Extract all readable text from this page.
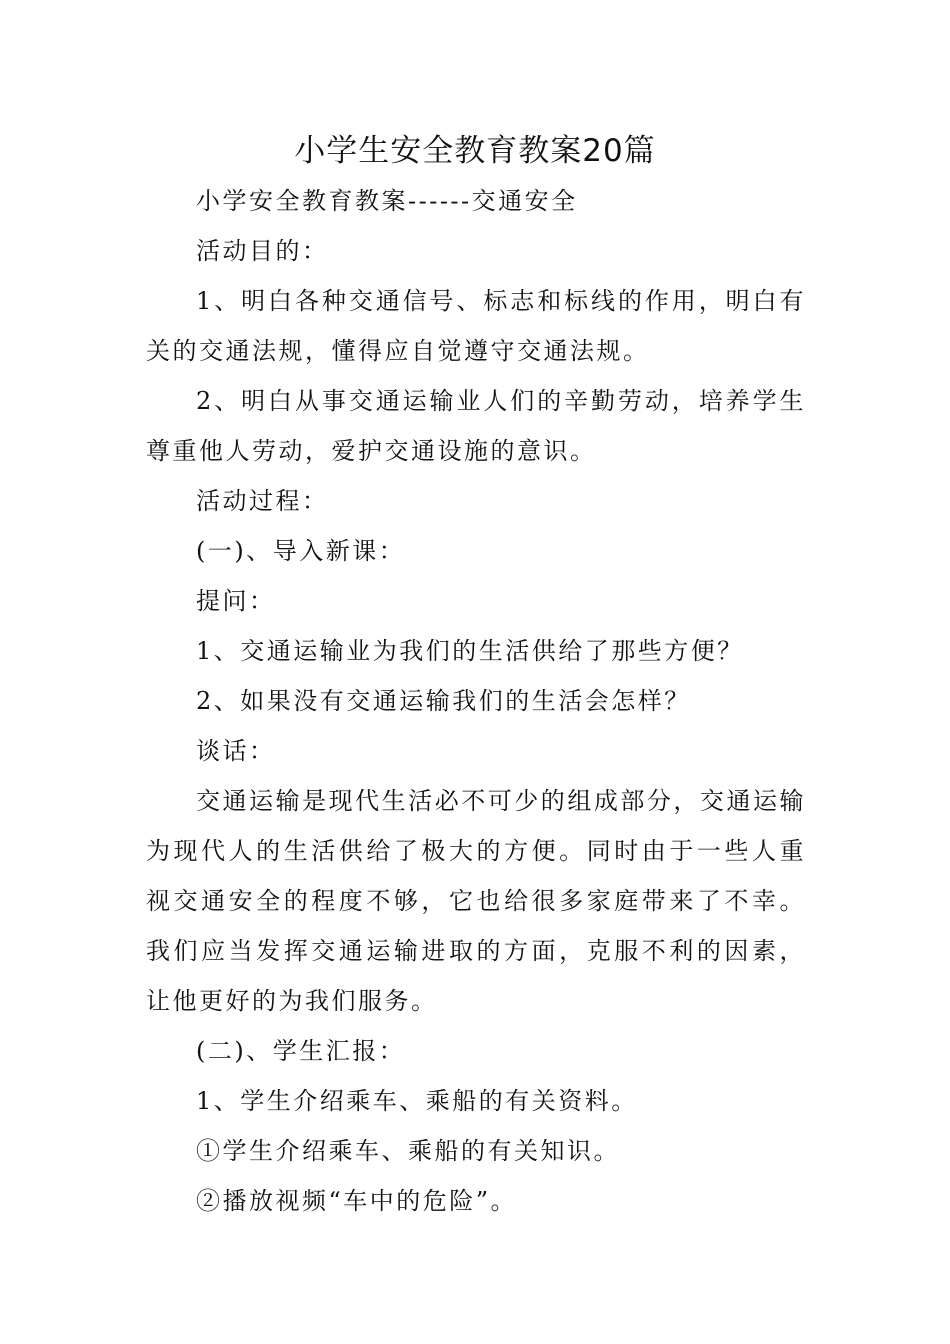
小学生安全教育教案20篇

小学安全教育教案------交通安全

活动目的：

1、明白各种交通信号、标志和标线的作用，明白有关的交通法规，懂得应自觉遵守交通法规。

2、明白从事交通运输业人们的辛勤劳动，培养学生尊重他人劳动，爱护交通设施的意识。

活动过程：

(一)、导入新课：

提问：

1、交通运输业为我们的生活供给了那些方便？

2、如果没有交通运输我们的生活会怎样？

谈话：

交通运输是现代生活必不可少的组成部分，交通运输为现代人的生活供给了极大的方便。同时由于一些人重视交通安全的程度不够，它也给很多家庭带来了不幸。我们应当发挥交通运输进取的方面，克服不利的因素，让他更好的为我们服务。

(二)、学生汇报：

1、学生介绍乘车、乘船的有关资料。

①学生介绍乘车、乘船的有关知识。

②播放视频“车中的危险”。
